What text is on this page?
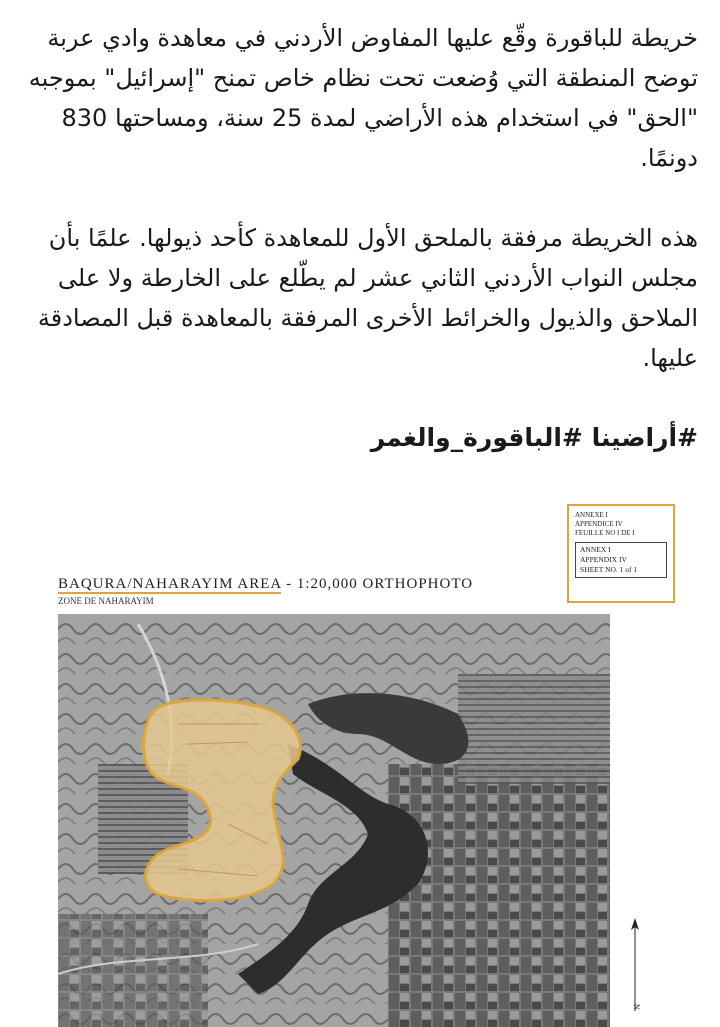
خريطة للباقورة وقّع عليها المفاوض الأردني في معاهدة وادي عربة توضح المنطقة التي وُضعت تحت نظام خاص تمنح "إسرائيل" بموجبه "الحق" في استخدام هذه الأراضي لمدة 25 سنة، ومساحتها 830 دونمًا.

هذه الخريطة مرفقة بالملحق الأول للمعاهدة كأحد ذيولها. علمًا بأن مجلس النواب الأردني الثاني عشر لم يطّلع على الخارطة ولا على الملاحق والذيول والخرائط الأخرى المرفقة بالمعاهدة قبل المصادقة عليها.

#أراضينا #الباقورة_والغمر

ANNEXE I
APPENDICE IV
FEUILLE NO I DE I
ANNEX I
APPENDIX IV
SHEET NO. 1 of 1
BAQURA/NAHARAYIM AREA - 1:20,000 ORTHOPHOTO
ZONE DE NAHARAYIM
N
